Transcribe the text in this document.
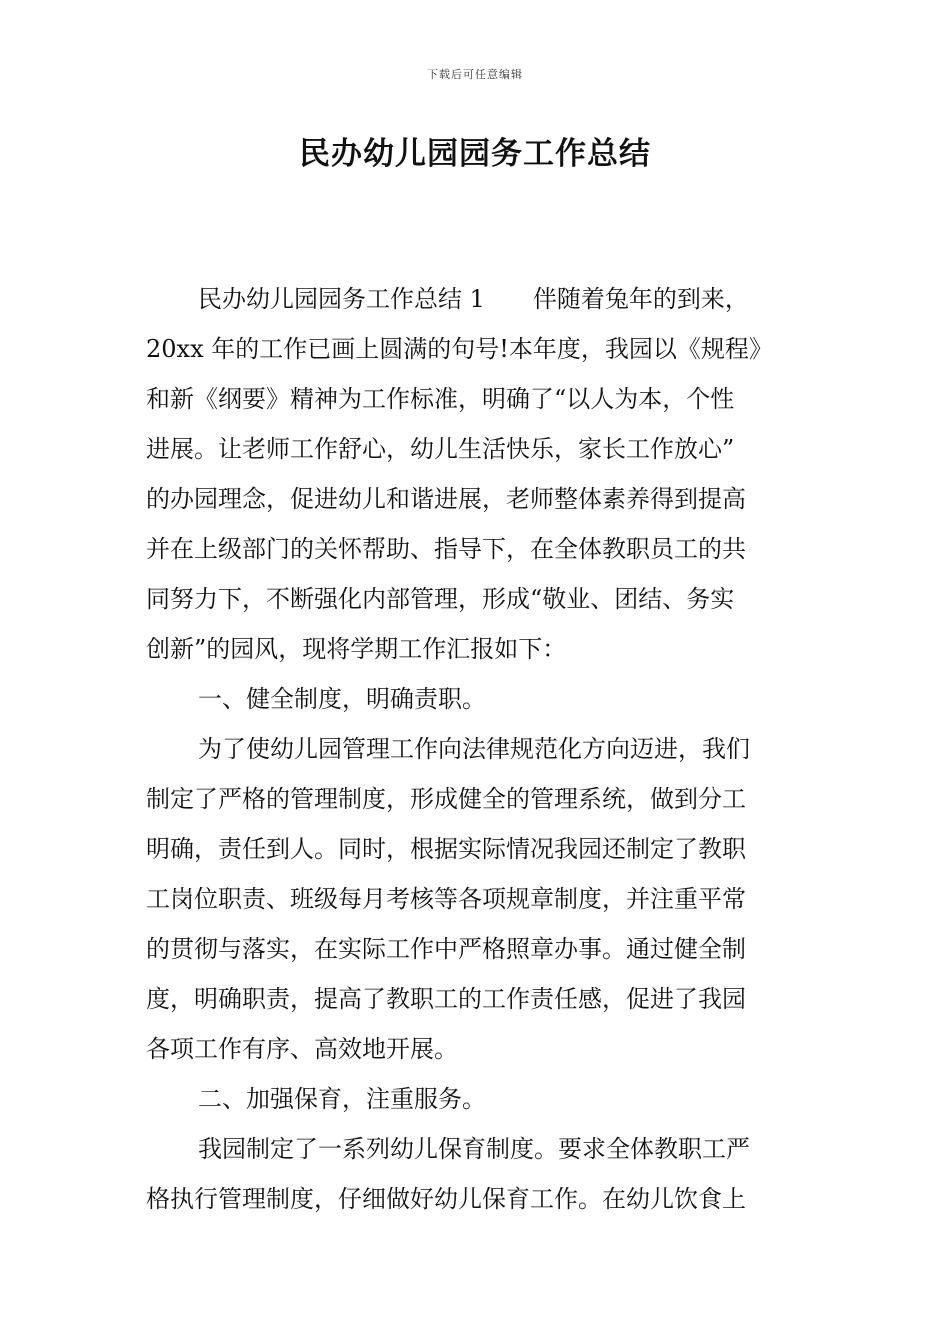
下载后可任意编辑
民办幼儿园园务工作总结
民办幼儿园园务工作总结 1　　伴随着兔年的到来，
20xx 年的工作已画上圆满的句号!本年度，我园以《规程》
和新《纲要》精神为工作标准，明确了“以人为本，个性
进展。让老师工作舒心，幼儿生活快乐，家长工作放心”
的办园理念，促进幼儿和谐进展，老师整体素养得到提高
并在上级部门的关怀帮助、指导下，在全体教职员工的共
同努力下，不断强化内部管理，形成“敬业、团结、务实
创新”的园风，现将学期工作汇报如下：
一、健全制度，明确责职。
为了使幼儿园管理工作向法律规范化方向迈进，我们
制定了严格的管理制度，形成健全的管理系统，做到分工
明确，责任到人。同时，根据实际情况我园还制定了教职
工岗位职责、班级每月考核等各项规章制度，并注重平常
的贯彻与落实，在实际工作中严格照章办事。通过健全制
度，明确职责，提高了教职工的工作责任感，促进了我园
各项工作有序、高效地开展。
二、加强保育，注重服务。
我园制定了一系列幼儿保育制度。要求全体教职工严
格执行管理制度，仔细做好幼儿保育工作。在幼儿饮食上
